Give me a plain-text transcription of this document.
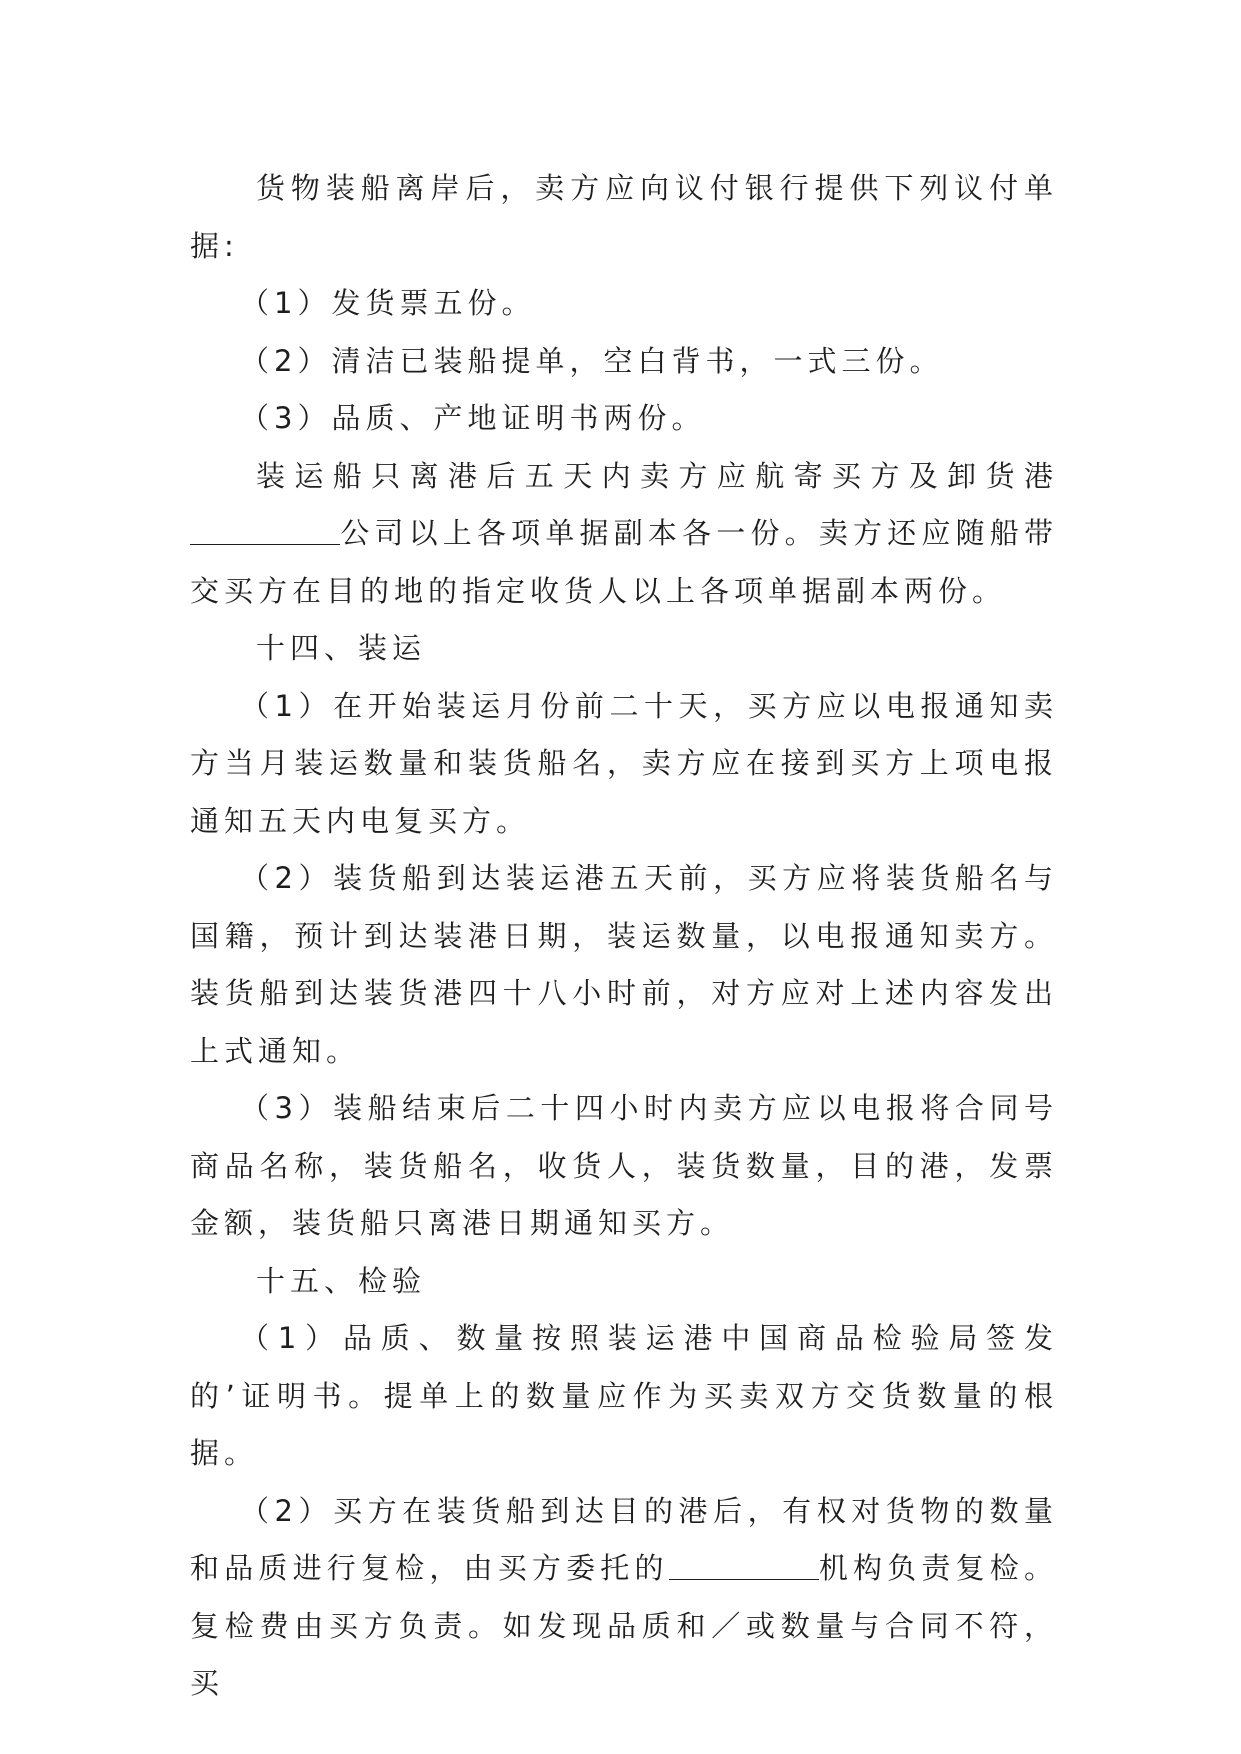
货物装船离岸后，卖方应向议付银行提供下列议付单据:

（1）发货票五份。

（2）清洁已装船提单，空白背书，一式三份。

（3）品质、产地证明书两份。

装运船只离港后五天内卖方应航寄买方及卸货港公司以上各项单据副本各一份。卖方还应随船带交买方在目的地的指定收货人以上各项单据副本两份。

十四、装运

（1）在开始装运月份前二十天，买方应以电报通知卖方当月装运数量和装货船名，卖方应在接到买方上项电报通知五天内电复买方。

（2）装货船到达装运港五天前，买方应将装货船名与国籍，预计到达装港日期，装运数量，以电报通知卖方。装货船到达装货港四十八小时前，对方应对上述内容发出上式通知。

（3）装船结束后二十四小时内卖方应以电报将合同号商品名称，装货船名，收货人，装货数量，目的港，发票金额，装货船只离港日期通知买方。

十五、检验

（1）品质、数量按照装运港中国商品检验局签发的’证明书。提单上的数量应作为买卖双方交货数量的根据。

（2）买方在装货船到达目的港后，有权对货物的数量和品质进行复检，由买方委托的	机构负责复检。复检费由买方负责。如发现品质和／或数量与合同不符，买
